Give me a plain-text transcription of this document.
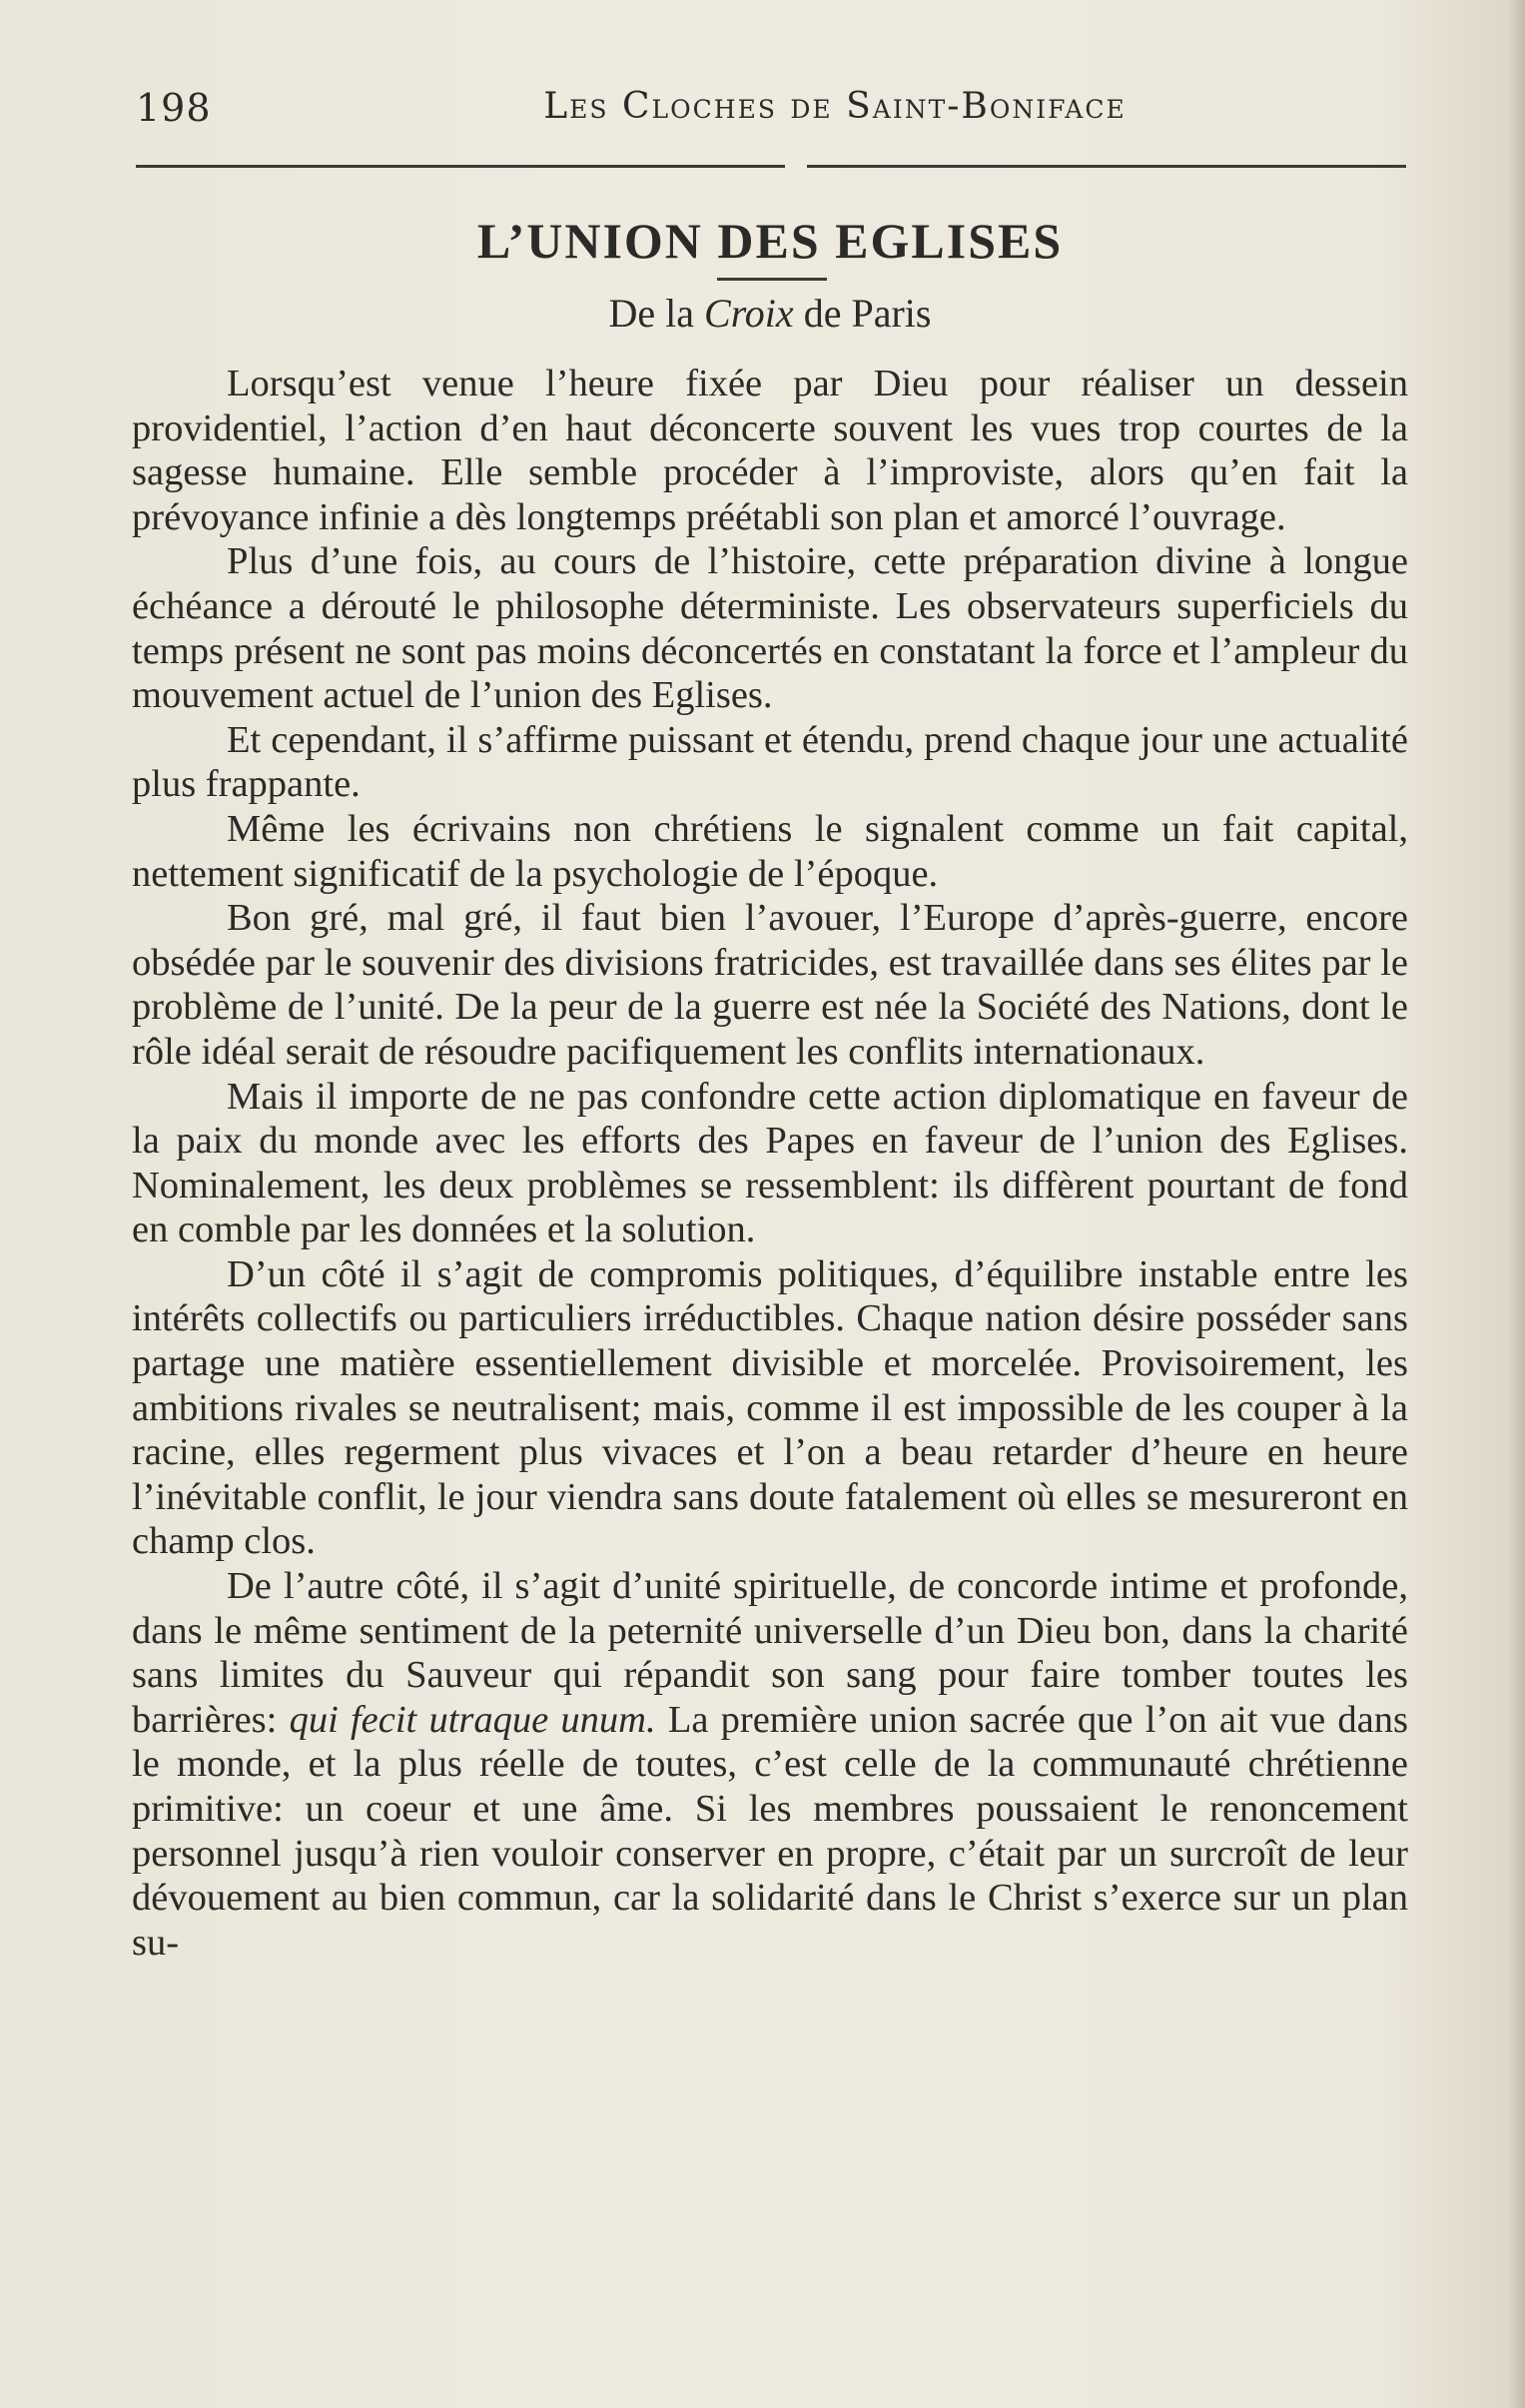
198	Les Cloches de Saint-Boniface
L’UNION DES EGLISES
De la Croix de Paris

Lorsqu’est venue l’heure fixée par Dieu pour réaliser un dessein providentiel, l’action d’en haut déconcerte souvent les vues trop courtes de la sagesse humaine. Elle semble procéder à l’improviste, alors qu’en fait la prévoyance infinie a dès longtemps préétabli son plan et amorcé l’ouvrage.

Plus d’une fois, au cours de l’histoire, cette préparation divine à longue échéance a dérouté le philosophe déterministe. Les observateurs superficiels du temps présent ne sont pas moins déconcertés en constatant la force et l’ampleur du mouvement actuel de l’union des Eglises.

Et cependant, il s’affirme puissant et étendu, prend chaque jour une actualité plus frappante.

Même les écrivains non chrétiens le signalent comme un fait capital, nettement significatif de la psychologie de l’époque.

Bon gré, mal gré, il faut bien l’avouer, l’Europe d’après-guerre, encore obsédée par le souvenir des divisions fratricides, est travaillée dans ses élites par le problème de l’unité. De la peur de la guerre est née la Société des Nations, dont le rôle idéal serait de résoudre pacifiquement les conflits internationaux.

Mais il importe de ne pas confondre cette action diplomatique en faveur de la paix du monde avec les efforts des Papes en faveur de l’union des Eglises. Nominalement, les deux problèmes se ressemblent: ils diffèrent pourtant de fond en comble par les données et la solution.

D’un côté il s’agit de compromis politiques, d’équilibre instable entre les intérêts collectifs ou particuliers irréductibles. Chaque nation désire posséder sans partage une matière essentiellement divisible et morcelée. Provisoirement, les ambitions rivales se neutralisent; mais, comme il est impossible de les couper à la racine, elles regerment plus vivaces et l’on a beau retarder d’heure en heure l’inévitable conflit, le jour viendra sans doute fatalement où elles se mesureront en champ clos.

De l’autre côté, il s’agit d’unité spirituelle, de concorde intime et profonde, dans le même sentiment de la peternité universelle d’un Dieu bon, dans la charité sans limites du Sauveur qui répandit son sang pour faire tomber toutes les barrières: qui fecit utraque unum. La première union sacrée que l’on ait vue dans le monde, et la plus réelle de toutes, c’est celle de la communauté chrétienne primitive: un coeur et une âme. Si les membres poussaient le renoncement personnel jusqu’à rien vouloir conserver en propre, c’était par un surcroît de leur dévouement au bien commun, car la solidarité dans le Christ s’exerce sur un plan su-
